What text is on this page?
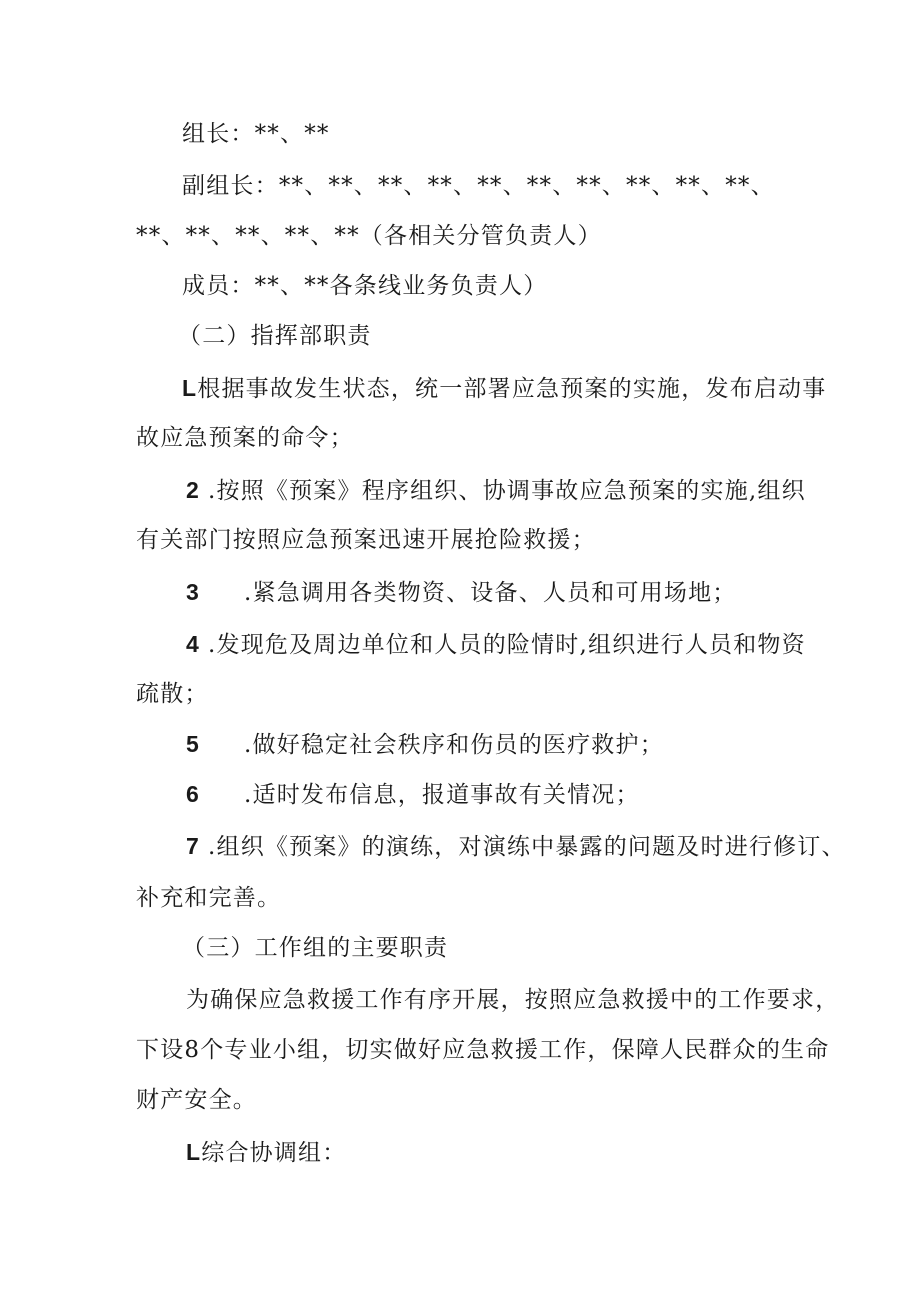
组长：**、**
副组长：**、**、**、**、**、**、**、**、**、**、
**、**、**、**、**（各相关分管负责人）
成员：**、**各条线业务负责人）
（二）指挥部职责
L根据事故发生状态，统一部署应急预案的实施，发布启动事
故应急预案的命令；
2 .按照《预案》程序组织、协调事故应急预案的实施,组织
有关部门按照应急预案迅速开展抢险救援；
3 .紧急调用各类物资、设备、人员和可用场地；
4 .发现危及周边单位和人员的险情时,组织进行人员和物资
疏散；
5 .做好稳定社会秩序和伤员的医疗救护；
6 .适时发布信息，报道事故有关情况；
7 .组织《预案》的演练，对演练中暴露的问题及时进行修订、
补充和完善。
（三）工作组的主要职责
为确保应急救援工作有序开展，按照应急救援中的工作要求，
下设8个专业小组，切实做好应急救援工作，保障人民群众的生命
财产安全。
L综合协调组：
